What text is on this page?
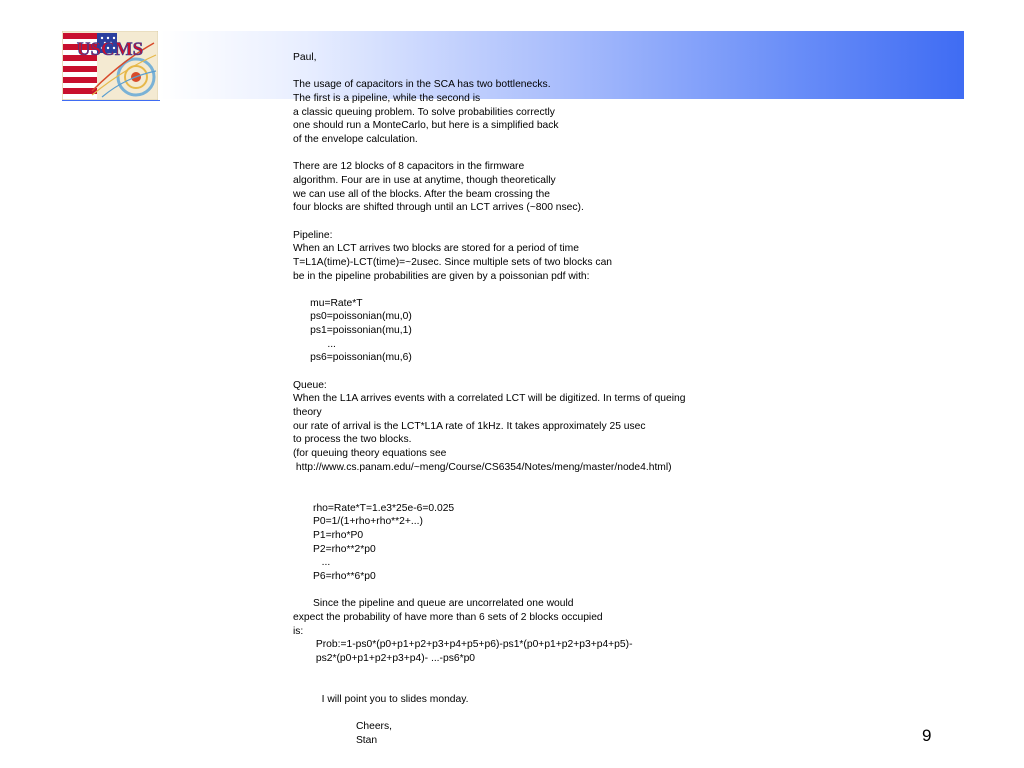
USCMS	Paul,

The usage of capacitors in the SCA has two bottlenecks.
The first is a pipeline, while the second is
a classic queuing problem. To solve probabilities correctly
one should run a MonteCarlo, but here is a simplified back
of the envelope calculation.

There are 12 blocks of 8 capacitors in the firmware
algorithm. Four are in use at anytime, though theoretically
we can use all of the blocks. After the beam crossing the
four blocks are shifted through until an LCT arrives (~800 nsec).

Pipeline:
When an LCT arrives two blocks are stored for a period of time
T=L1A(time)-LCT(time)=~2usec. Since multiple sets of two blocks can
be in the pipeline probabilities are given by a poissonian pdf with:

mu=Rate*T
ps0=poissonian(mu,0)
ps1=poissonian(mu,1)
...
ps6=poissonian(mu,6)

Queue:
When the L1A arrives events with a correlated LCT will be digitized. In terms of queing
theory
our rate of arrival is the LCT*L1A rate of 1kHz. It takes approximately 25 usec
to process the two blocks.
(for queuing theory equations see
http://www.cs.panam.edu/~meng/Course/CS6354/Notes/meng/master/node4.html)

rho=Rate*T=1.e3*25e-6=0.025
P0=1/(1+rho+rho**2+...)
P1=rho*P0
P2=rho**2*p0
...
P6=rho**6*p0

Since the pipeline and queue are uncorrelated one would
expect the probability of have more than 6 sets of 2 blocks occupied
is:
Prob:=1-ps0*(p0+p1+p2+p3+p4+p5+p6)-ps1*(p0+p1+p2+p3+p4+p5)-
ps2*(p0+p1+p2+p3+p4)- ...-ps6*p0

I will point you to slides monday.

Cheers,
Stan	9
